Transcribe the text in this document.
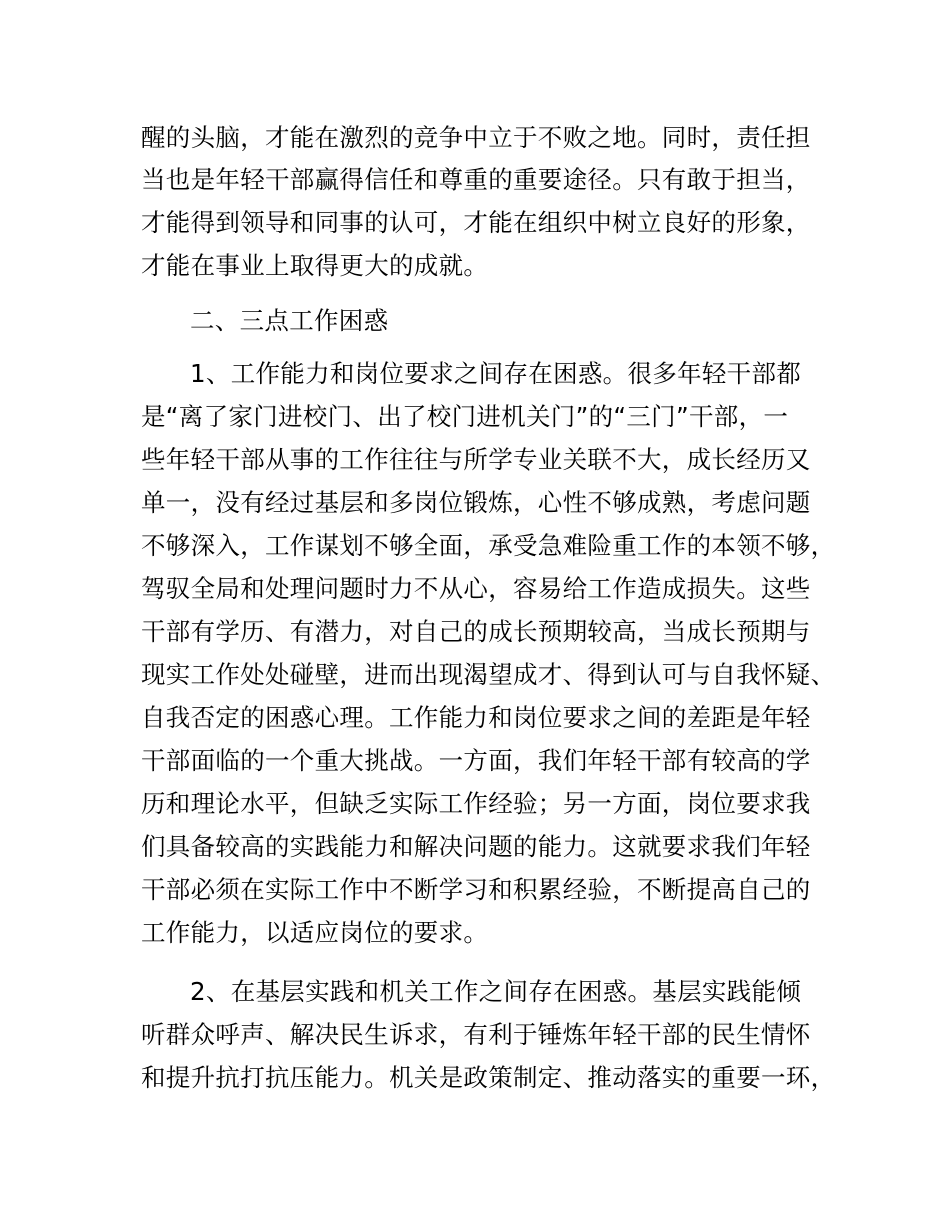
醒的头脑，才能在激烈的竞争中立于不败之地。同时，责任担

当也是年轻干部赢得信任和尊重的重要途径。只有敢于担当，

才能得到领导和同事的认可，才能在组织中树立良好的形象，

才能在事业上取得更大的成就。

二、三点工作困惑

1、工作能力和岗位要求之间存在困惑。很多年轻干部都

是“离了家门进校门、出了校门进机关门”的“三门”干部，一

些年轻干部从事的工作往往与所学专业关联不大，成长经历又

单一，没有经过基层和多岗位锻炼，心性不够成熟，考虑问题

不够深入，工作谋划不够全面，承受急难险重工作的本领不够，

驾驭全局和处理问题时力不从心，容易给工作造成损失。这些

干部有学历、有潜力，对自己的成长预期较高，当成长预期与

现实工作处处碰壁，进而出现渴望成才、得到认可与自我怀疑、

自我否定的困惑心理。工作能力和岗位要求之间的差距是年轻

干部面临的一个重大挑战。一方面，我们年轻干部有较高的学

历和理论水平，但缺乏实际工作经验；另一方面，岗位要求我

们具备较高的实践能力和解决问题的能力。这就要求我们年轻

干部必须在实际工作中不断学习和积累经验，不断提高自己的

工作能力，以适应岗位的要求。

2、在基层实践和机关工作之间存在困惑。基层实践能倾

听群众呼声、解决民生诉求，有利于锤炼年轻干部的民生情怀

和提升抗打抗压能力。机关是政策制定、推动落实的重要一环，
